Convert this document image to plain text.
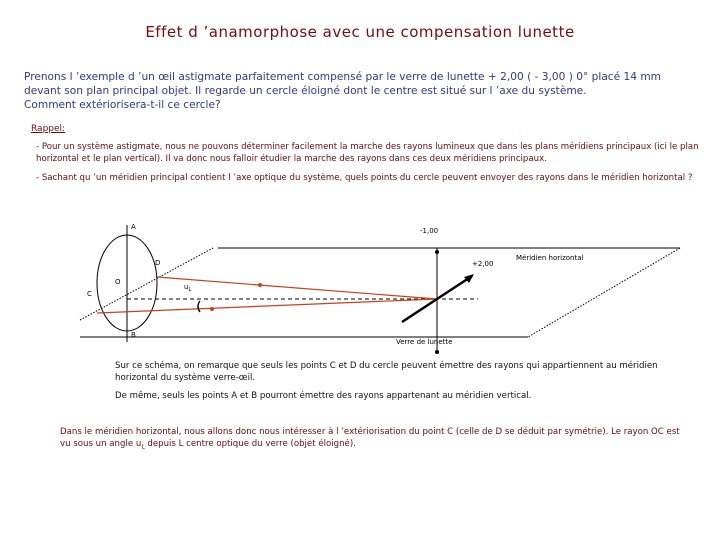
Effet d ’anamorphose avec une compensation lunette
Prenons l ’exemple d ’un œil astigmate parfaitement compensé par le verre de lunette + 2,00 ( - 3,00 ) 0° placé 14 mm
devant son plan principal objet. Il regarde un cercle éloigné dont le centre est situé sur l ’axe du système.
Comment extériorisera-t-il ce cercle?
Rappel:
- Pour un système astigmate, nous ne pouvons déterminer facilement la marche des rayons lumineux que dans les plans méridiens principaux (ici le plan horizontal et le plan vertical). Il va donc nous falloir étudier la marche des rayons dans ces deux méridiens principaux.
- Sachant qu ’un méridien principal contient l ’axe optique du système, quels points du cercle peuvent envoyer des rayons dans le méridien horizontal ?
A
B
C
D
O
$u_L$
-1,00
+2,00
Méridien horizontal
Verre de lunette
Sur ce schéma, on remarque que seuls les points C et D du cercle peuvent émettre des rayons qui appartiennent au méridien horizontal du système verre-œil.
De même, seuls les points A et B pourront émettre des rayons appartenant au méridien vertical.
Dans le méridien horizontal, nous allons donc nous intéresser à l ’extériorisation du point C (celle de D se déduit par symétrie). Le rayon OC est vu sous un angle $u_L$ depuis L centre optique du verre (objet éloigné).
